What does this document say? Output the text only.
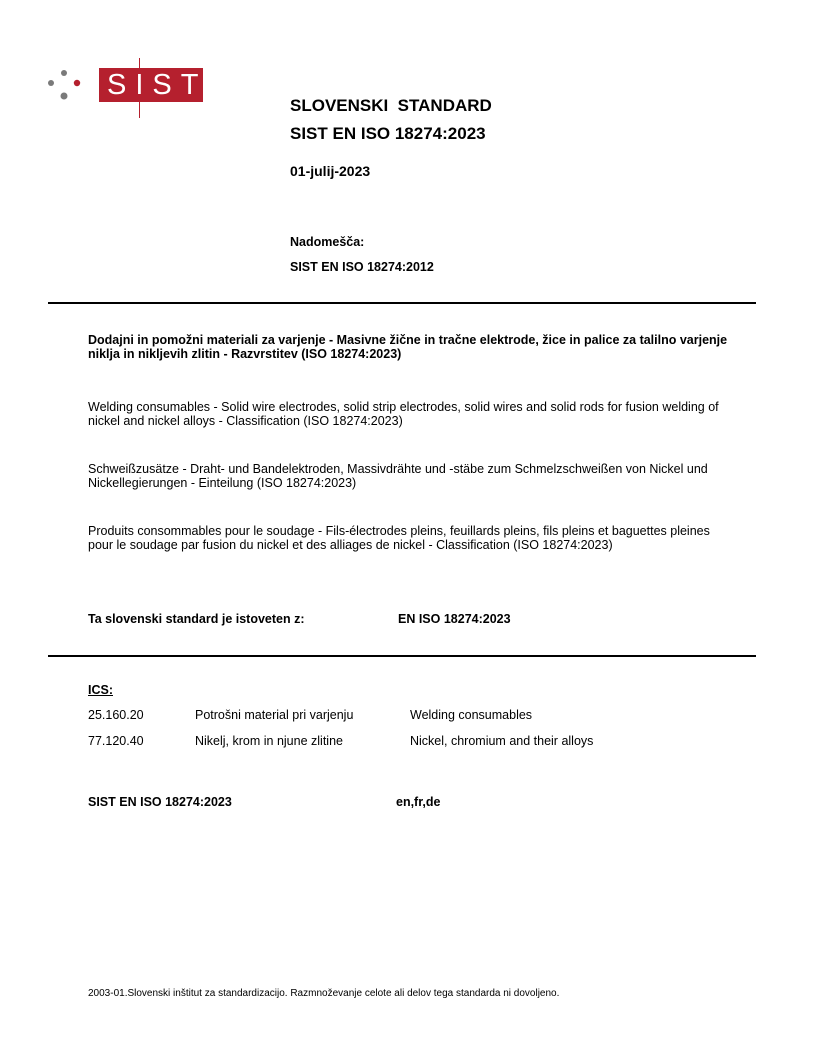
SIST
SLOVENSKI  STANDARD
SIST EN ISO 18274:2023
01-julij-2023
Nadomešča:
SIST EN ISO 18274:2012
Dodajni in pomožni materiali za varjenje - Masivne žične in tračne elektrode, žice in palice za talilno varjenje niklja in nikljevih zlitin - Razvrstitev (ISO 18274:2023)
Welding consumables - Solid wire electrodes, solid strip electrodes, solid wires and solid rods for fusion welding of nickel and nickel alloys - Classification (ISO 18274:2023)
Schweißzusätze - Draht- und Bandelektroden, Massivdrähte und -stäbe zum Schmelzschweißen von Nickel und Nickellegierungen - Einteilung (ISO 18274:2023)
Produits consommables pour le soudage - Fils-électrodes pleins, feuillards pleins, fils pleins et baguettes pleines pour le soudage par fusion du nickel et des alliages de nickel - Classification (ISO 18274:2023)
Ta slovenski standard je istoveten z:	EN ISO 18274:2023
ICS:
25.160.20	Potrošni material pri varjenju	Welding consumables
77.120.40	Nikelj, krom in njune zlitine	Nickel, chromium and their alloys
SIST EN ISO 18274:2023	en,fr,de
2003-01.Slovenski inštitut za standardizacijo. Razmnoževanje celote ali delov tega standarda ni dovoljeno.
